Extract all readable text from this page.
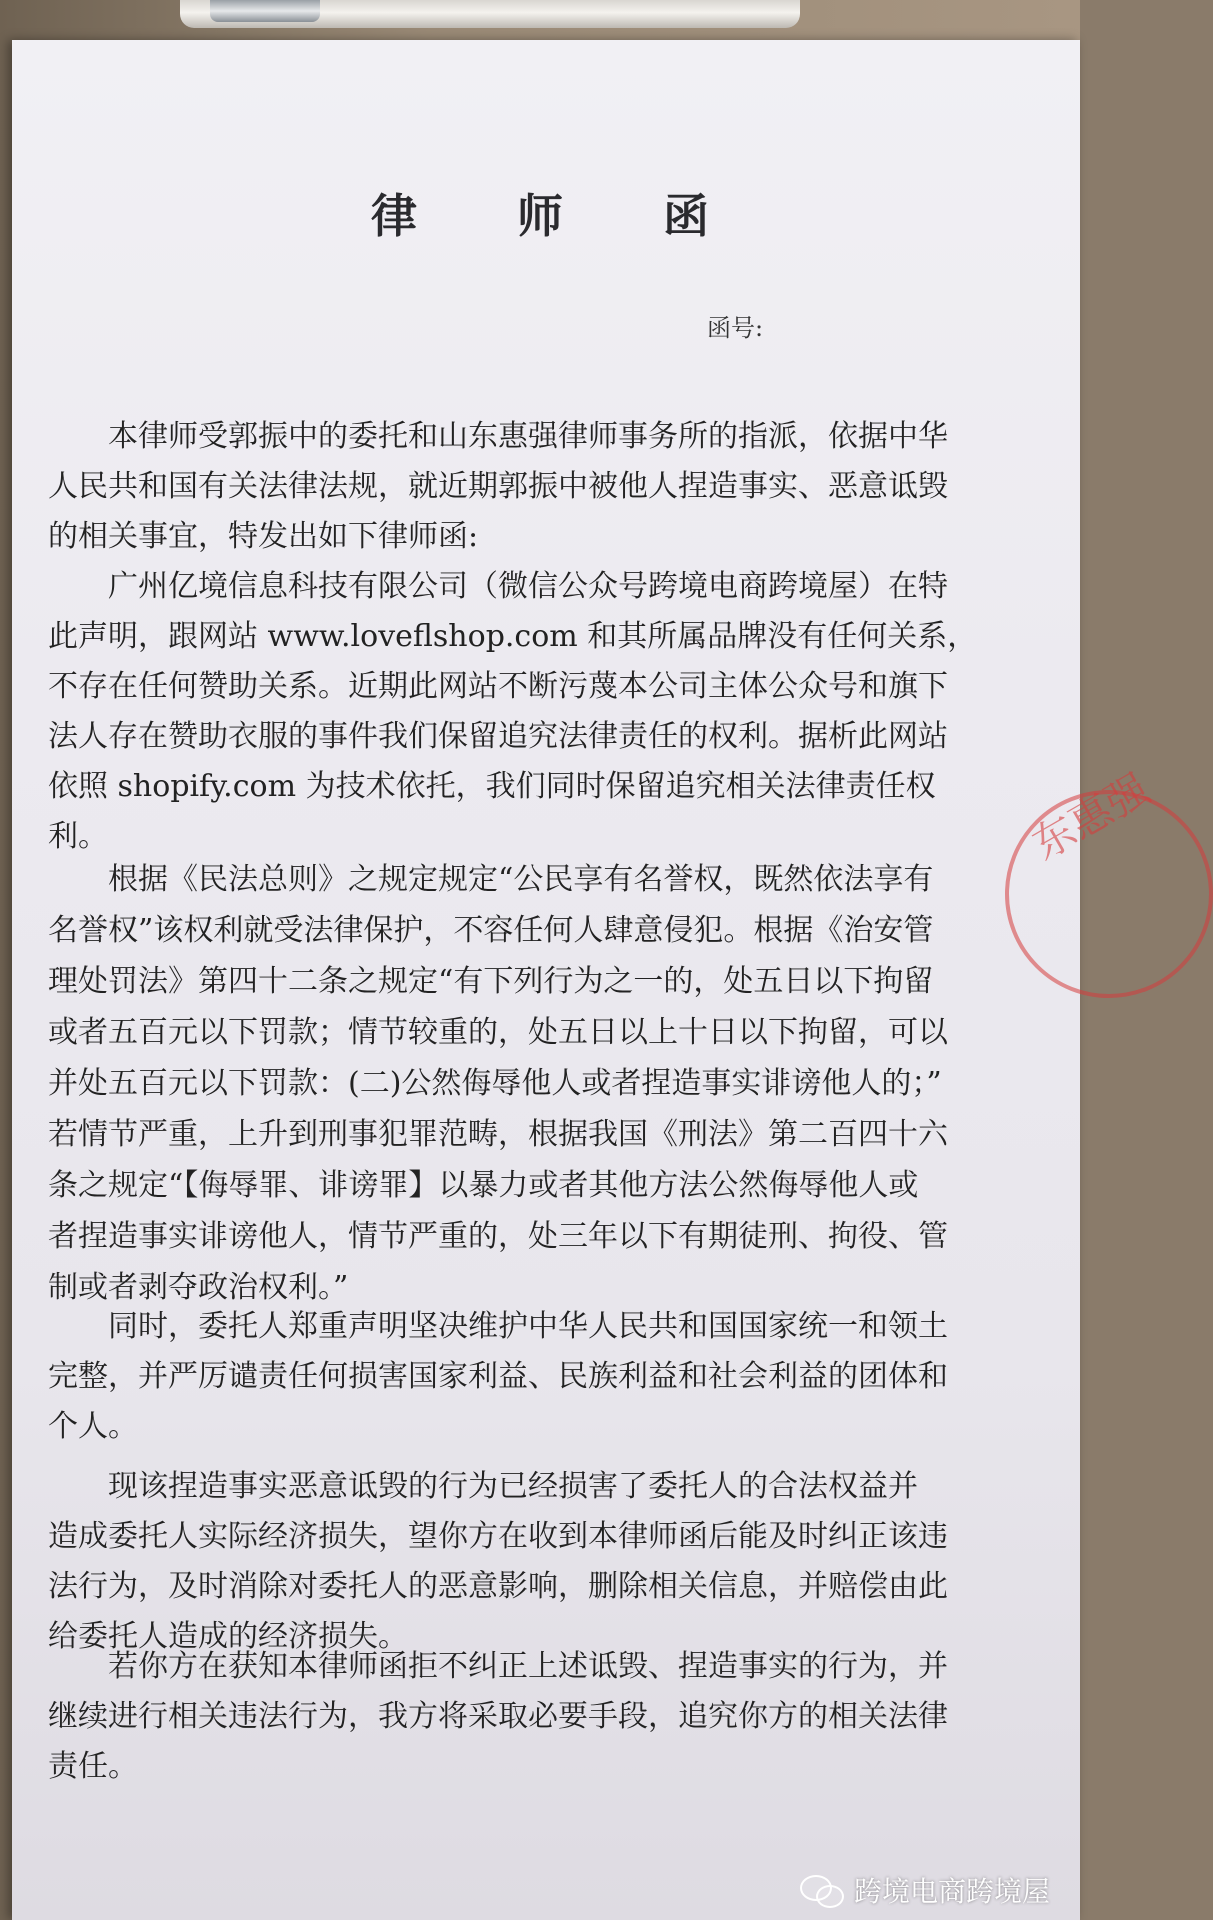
律 师 函
函号:
本律师受郭振中的委托和山东惠强律师事务所的指派，依据中华
人民共和国有关法律法规，就近期郭振中被他人捏造事实、恶意诋毁
的相关事宜，特发出如下律师函:
广州亿境信息科技有限公司（微信公众号跨境电商跨境屋）在特
此声明，跟网站 www.loveflshop.com 和其所属品牌没有任何关系，
不存在任何赞助关系。近期此网站不断污蔑本公司主体公众号和旗下
法人存在赞助衣服的事件我们保留追究法律责任的权利。据析此网站
依照 shopify.com 为技术依托，我们同时保留追究相关法律责任权
利。
根据《民法总则》之规定规定“公民享有名誉权，既然依法享有
名誉权”该权利就受法律保护，不容任何人肆意侵犯。根据《治安管
理处罚法》第四十二条之规定“有下列行为之一的，处五日以下拘留
或者五百元以下罚款；情节较重的，处五日以上十日以下拘留，可以
并处五百元以下罚款：(二)公然侮辱他人或者捏造事实诽谤他人的；”
若情节严重，上升到刑事犯罪范畴，根据我国《刑法》第二百四十六
条之规定“【侮辱罪、诽谤罪】以暴力或者其他方法公然侮辱他人或
者捏造事实诽谤他人，情节严重的，处三年以下有期徒刑、拘役、管
制或者剥夺政治权利。”
同时，委托人郑重声明坚决维护中华人民共和国国家统一和领土
完整，并严厉谴责任何损害国家利益、民族利益和社会利益的团体和
个人。
现该捏造事实恶意诋毁的行为已经损害了委托人的合法权益并
造成委托人实际经济损失，望你方在收到本律师函后能及时纠正该违
法行为，及时消除对委托人的恶意影响，删除相关信息，并赔偿由此
给委托人造成的经济损失。
若你方在获知本律师函拒不纠正上述诋毁、捏造事实的行为，并
继续进行相关违法行为，我方将采取必要手段，追究你方的相关法律
责任。
东惠强
跨境电商跨境屋
